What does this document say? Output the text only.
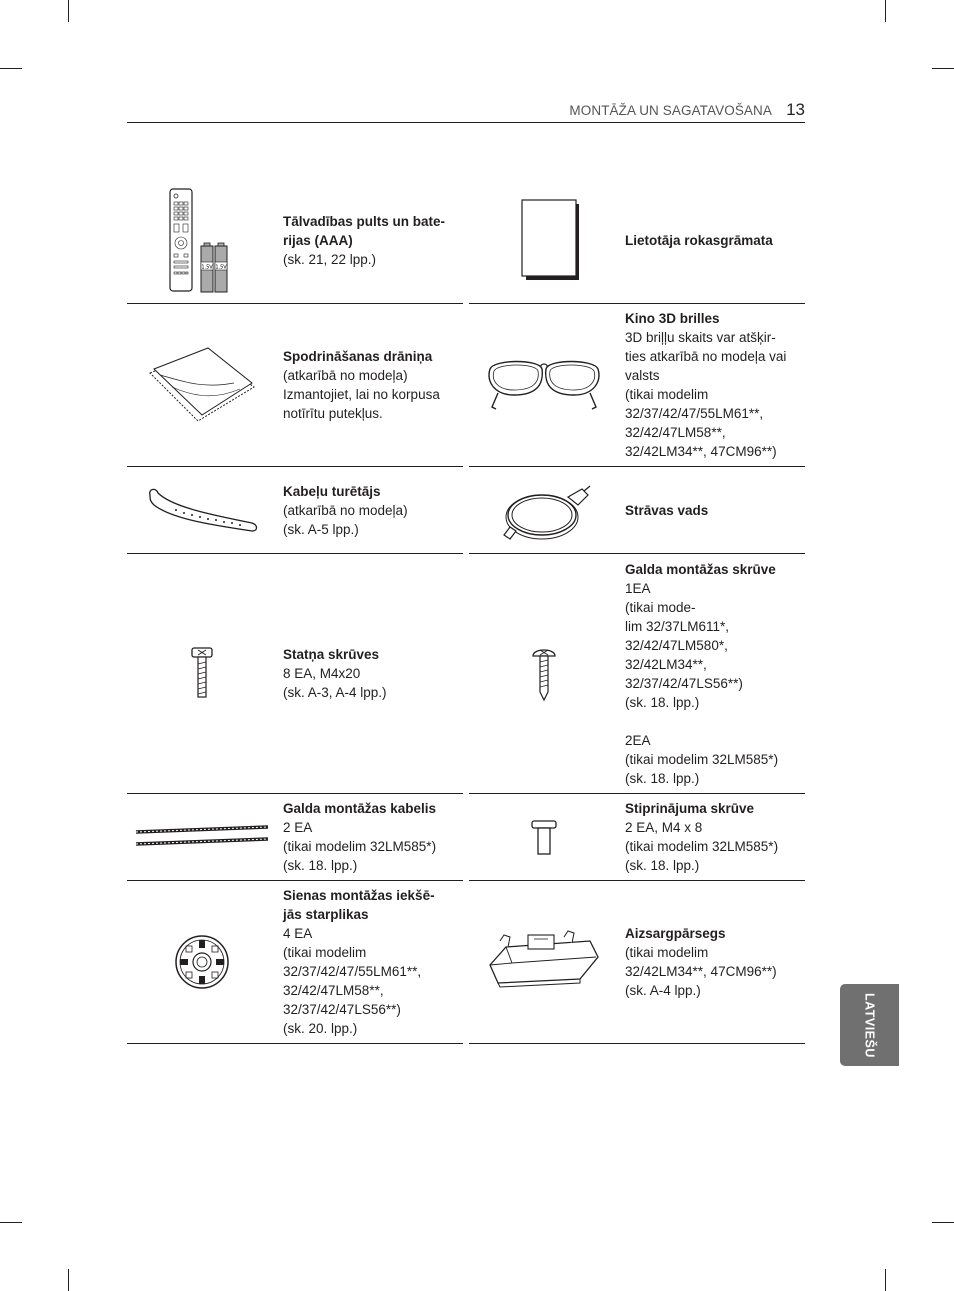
MONTĀŽA UN SAGATAVOŠANA 13
1.5V 1.5V
Tālvadības pults un bate-
rijas (AAA)
(sk. 21, 22 lpp.)
Lietotāja rokasgrāmata
Spodrināšanas drāniņa
(atkarībā no modeļa)
Izmantojiet, lai no korpusa
notīrītu putekļus.
Kino 3D brilles
3D briļļu skaits var atšķir-
ties atkarībā no modeļa vai
valsts
(tikai modelim
32/37/42/47/55LM61**,
32/42/47LM58**,
32/42LM34**, 47CM96**)
Kabeļu turētājs
(atkarībā no modeļa)
(sk. A-5 lpp.)
Strāvas vads
Statņa skrūves
8 EA, M4x20
(sk. A-3, A-4 lpp.)
Galda montāžas skrūve
1EA
(tikai mode-
lim 32/37LM611*,
32/42/47LM580*,
32/42LM34**,
32/37/42/47LS56**)
(sk. 18. lpp.)
2EA
(tikai modelim 32LM585*)
(sk. 18. lpp.)
Galda montāžas kabelis
2 EA
(tikai modelim 32LM585*)
(sk. 18. lpp.)
Stiprinājuma skrūve
2 EA, M4 x 8
(tikai modelim 32LM585*)
(sk. 18. lpp.)
Sienas montāžas iekšē-
jās starplikas
4 EA
(tikai modelim
32/37/42/47/55LM61**,
32/42/47LM58**,
32/37/42/47LS56**)
(sk. 20. lpp.)
Aizsargpārsegs
(tikai modelim
32/42LM34**, 47CM96**)
(sk. A-4 lpp.)
LATVIEŠU
